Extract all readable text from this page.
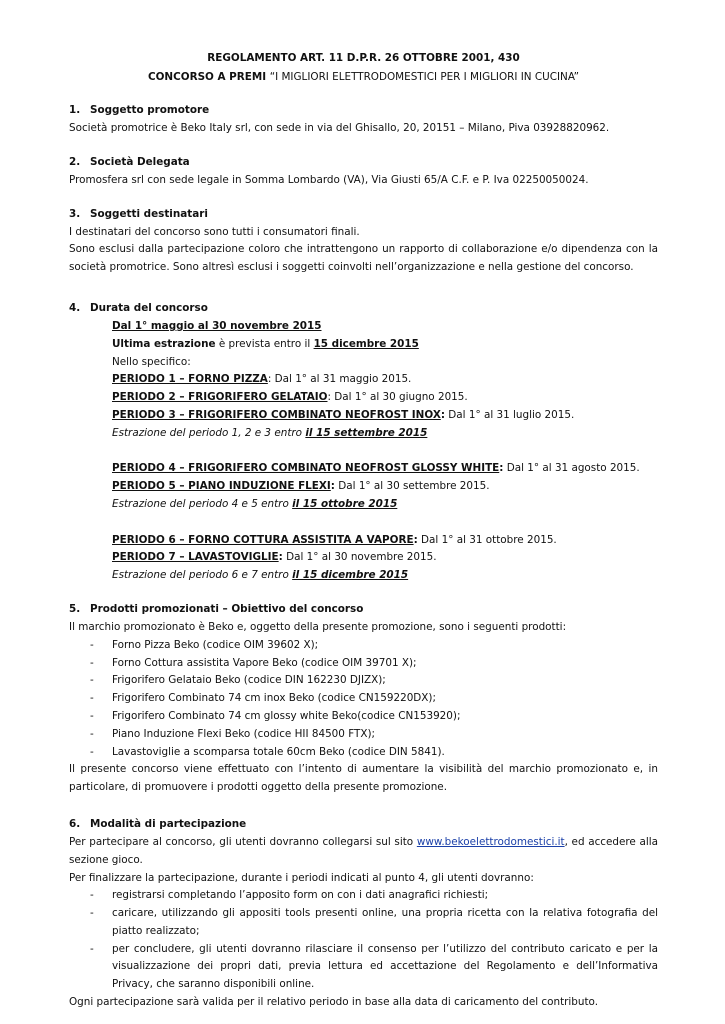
REGOLAMENTO ART. 11 D.P.R. 26 OTTOBRE 2001, 430
CONCORSO A PREMI “I MIGLIORI ELETTRODOMESTICI PER I MIGLIORI IN CUCINA”
1. Soggetto promotore

Società promotrice è Beko Italy srl, con sede in via del Ghisallo, 20, 20151 – Milano, Piva 03928820962.

2. Società Delegata

Promosfera srl con sede legale in Somma Lombardo (VA), Via Giusti 65/A C.F. e P. Iva 02250050024.

3. Soggetti destinatari

I destinatari del concorso sono tutti i consumatori finali.

Sono esclusi dalla partecipazione coloro che intrattengono un rapporto di collaborazione e/o dipendenza con la società promotrice. Sono altresì esclusi i soggetti coinvolti nell’organizzazione e nella gestione del concorso.

4. Durata del concorso

Dal 1° maggio al 30 novembre 2015

Ultima estrazione è prevista entro il 15 dicembre 2015

Nello specifico:

PERIODO 1 – FORNO PIZZA: Dal 1° al 31 maggio 2015.

PERIODO 2 – FRIGORIFERO GELATAIO: Dal 1° al 30 giugno 2015.

PERIODO 3 – FRIGORIFERO COMBINATO NEOFROST INOX: Dal 1° al 31 luglio 2015.

Estrazione del periodo 1, 2 e 3 entro il 15 settembre 2015

PERIODO 4 – FRIGORIFERO COMBINATO NEOFROST GLOSSY WHITE: Dal 1° al 31 agosto 2015.

PERIODO 5 – PIANO INDUZIONE FLEXI: Dal 1° al 30 settembre 2015.

Estrazione del periodo 4 e 5 entro il 15 ottobre 2015

PERIODO 6 – FORNO COTTURA ASSISTITA A VAPORE: Dal 1° al 31 ottobre 2015.

PERIODO 7 – LAVASTOVIGLIE: Dal 1° al 30 novembre 2015.

Estrazione del periodo 6 e 7 entro il 15 dicembre 2015

5. Prodotti promozionati – Obiettivo del concorso

Il marchio promozionato è Beko e, oggetto della presente promozione, sono i seguenti prodotti:

- Forno Pizza Beko (codice OIM 39602 X);
- Forno Cottura assistita Vapore Beko (codice OIM 39701 X);
- Frigorifero Gelataio Beko (codice DIN 162230 DJIZX);
- Frigorifero Combinato 74 cm inox Beko (codice CN159220DX);
- Frigorifero Combinato 74 cm glossy white Beko(codice CN153920);
- Piano Induzione Flexi Beko (codice HII 84500 FTX);
- Lavastoviglie a scomparsa totale 60cm Beko (codice DIN 5841).

Il presente concorso viene effettuato con l’intento di aumentare la visibilità del marchio promozionato e, in particolare, di promuovere i prodotti oggetto della presente promozione.

6. Modalità di partecipazione

Per partecipare al concorso, gli utenti dovranno collegarsi sul sito www.bekoelettrodomestici.it, ed accedere alla sezione gioco.

Per finalizzare la partecipazione, durante i periodi indicati al punto 4, gli utenti dovranno:

- registrarsi completando l’apposito form on con i dati anagrafici richiesti;
- caricare, utilizzando gli appositi tools presenti online, una propria ricetta con la relativa fotografia del piatto realizzato;
- per concludere, gli utenti dovranno rilasciare il consenso per l’utilizzo del contributo caricato e per la visualizzazione dei propri dati, previa lettura ed accettazione del Regolamento e dell’Informativa Privacy, che saranno disponibili online.

Ogni partecipazione sarà valida per il relativo periodo in base alla data di caricamento del contributo.
